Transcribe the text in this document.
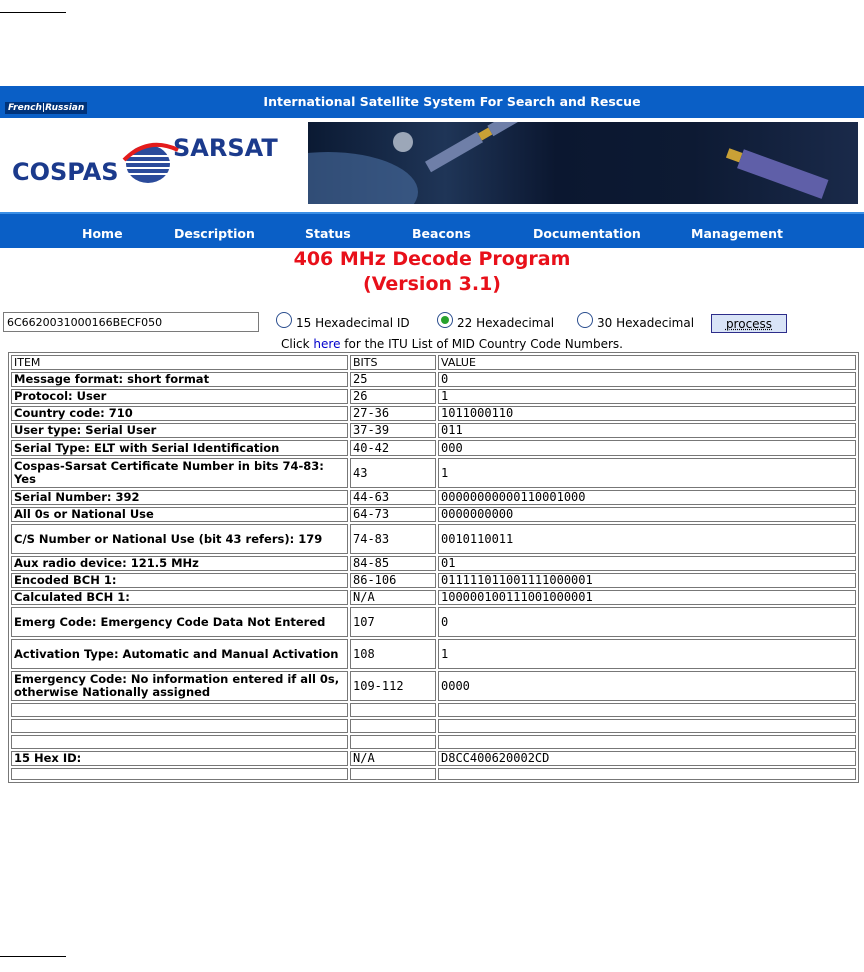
French|Russian	International Satellite System For Search and Rescue
COSPAS
SARSAT
Home	Description	Status	Beacons	Documentation	Management
406 MHz Decode Program
(Version 3.1)
6C6620031000166BECF050
15 Hexadecimal ID	22 Hexadecimal	30 Hexadecimal	process
Click here for the ITU List of MID Country Code Numbers.
ITEM	BITS	VALUE
Message format: short format	25	0
Protocol: User	26	1
Country code: 710	27-36	1011000110
User type: Serial User	37-39	011
Serial Type: ELT with Serial Identification	40-42	000
Cospas-Sarsat Certificate Number in bits 74-83: Yes	43	1
Serial Number: 392	44-63	00000000000110001000
All 0s or National Use	64-73	0000000000
C/S Number or National Use (bit 43 refers): 179	74-83	0010110011
Aux radio device: 121.5 MHz	84-85	01
Encoded BCH 1:	86-106	011111011001111000001
Calculated BCH 1:	N/A	100000100111001000001
Emerg Code: Emergency Code Data Not Entered	107	0
Activation Type: Automatic and Manual Activation	108	1
Emergency Code: No information entered if all 0s, otherwise Nationally assigned	109-112	0000

15 Hex ID:	N/A	D8CC400620002CD
